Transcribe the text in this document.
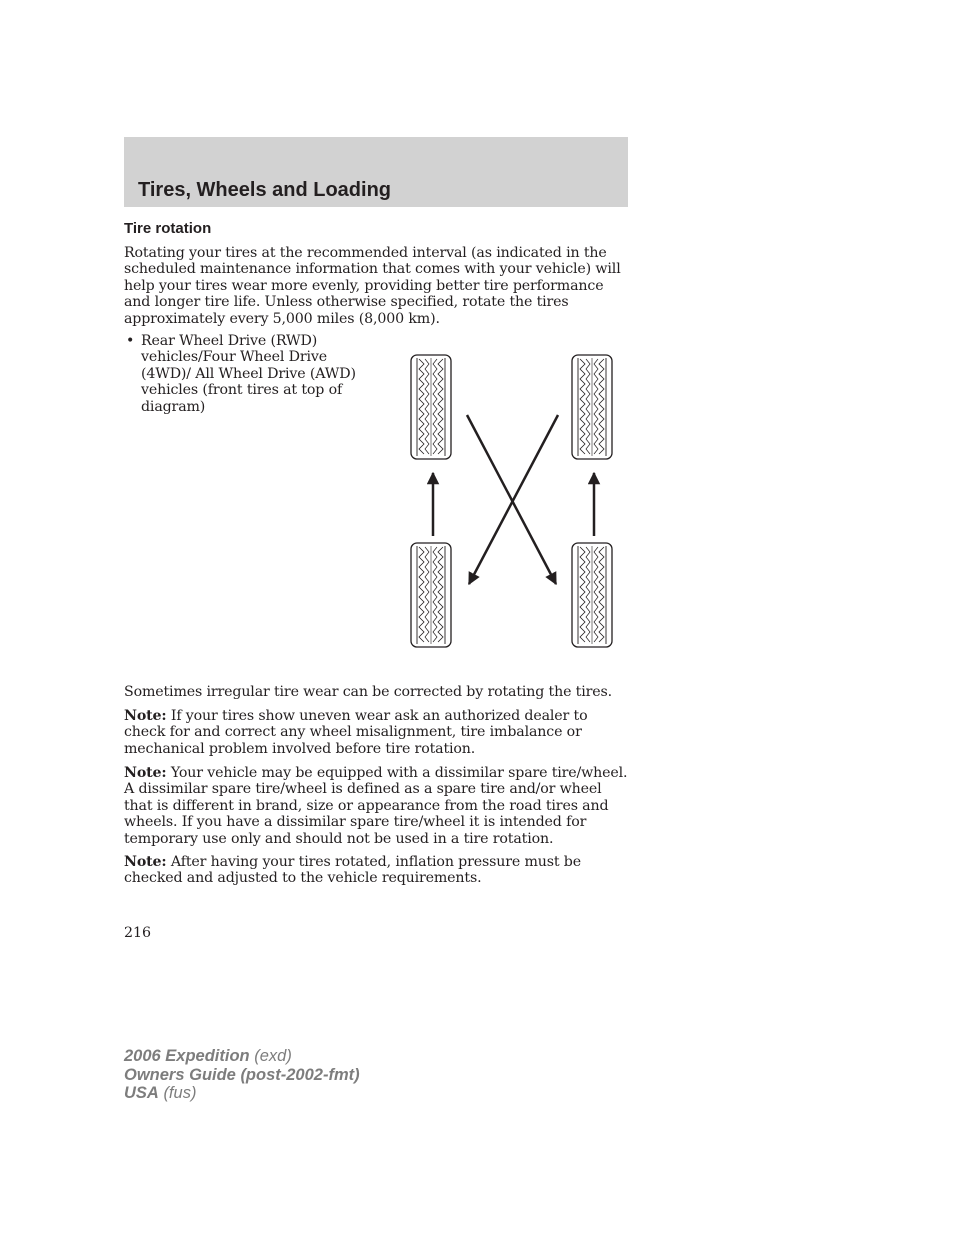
Tires, Wheels and Loading
Tire rotation

Rotating your tires at the recommended interval (as indicated in the scheduled maintenance information that comes with your vehicle) will help your tires wear more evenly, providing better tire performance and longer tire life. Unless otherwise specified, rotate the tires approximately every 5,000 miles (8,000 km).

• Rear Wheel Drive (RWD) vehicles/Four Wheel Drive (4WD)/ All Wheel Drive (AWD) vehicles (front tires at top of diagram)

Sometimes irregular tire wear can be corrected by rotating the tires.

Note: If your tires show uneven wear ask an authorized dealer to check for and correct any wheel misalignment, tire imbalance or mechanical problem involved before tire rotation.

Note: Your vehicle may be equipped with a dissimilar spare tire/wheel. A dissimilar spare tire/wheel is defined as a spare tire and/or wheel that is different in brand, size or appearance from the road tires and wheels. If you have a dissimilar spare tire/wheel it is intended for temporary use only and should not be used in a tire rotation.

Note: After having your tires rotated, inflation pressure must be checked and adjusted to the vehicle requirements.

216

2006 Expedition (exd)
Owners Guide (post-2002-fmt)
USA (fus)
